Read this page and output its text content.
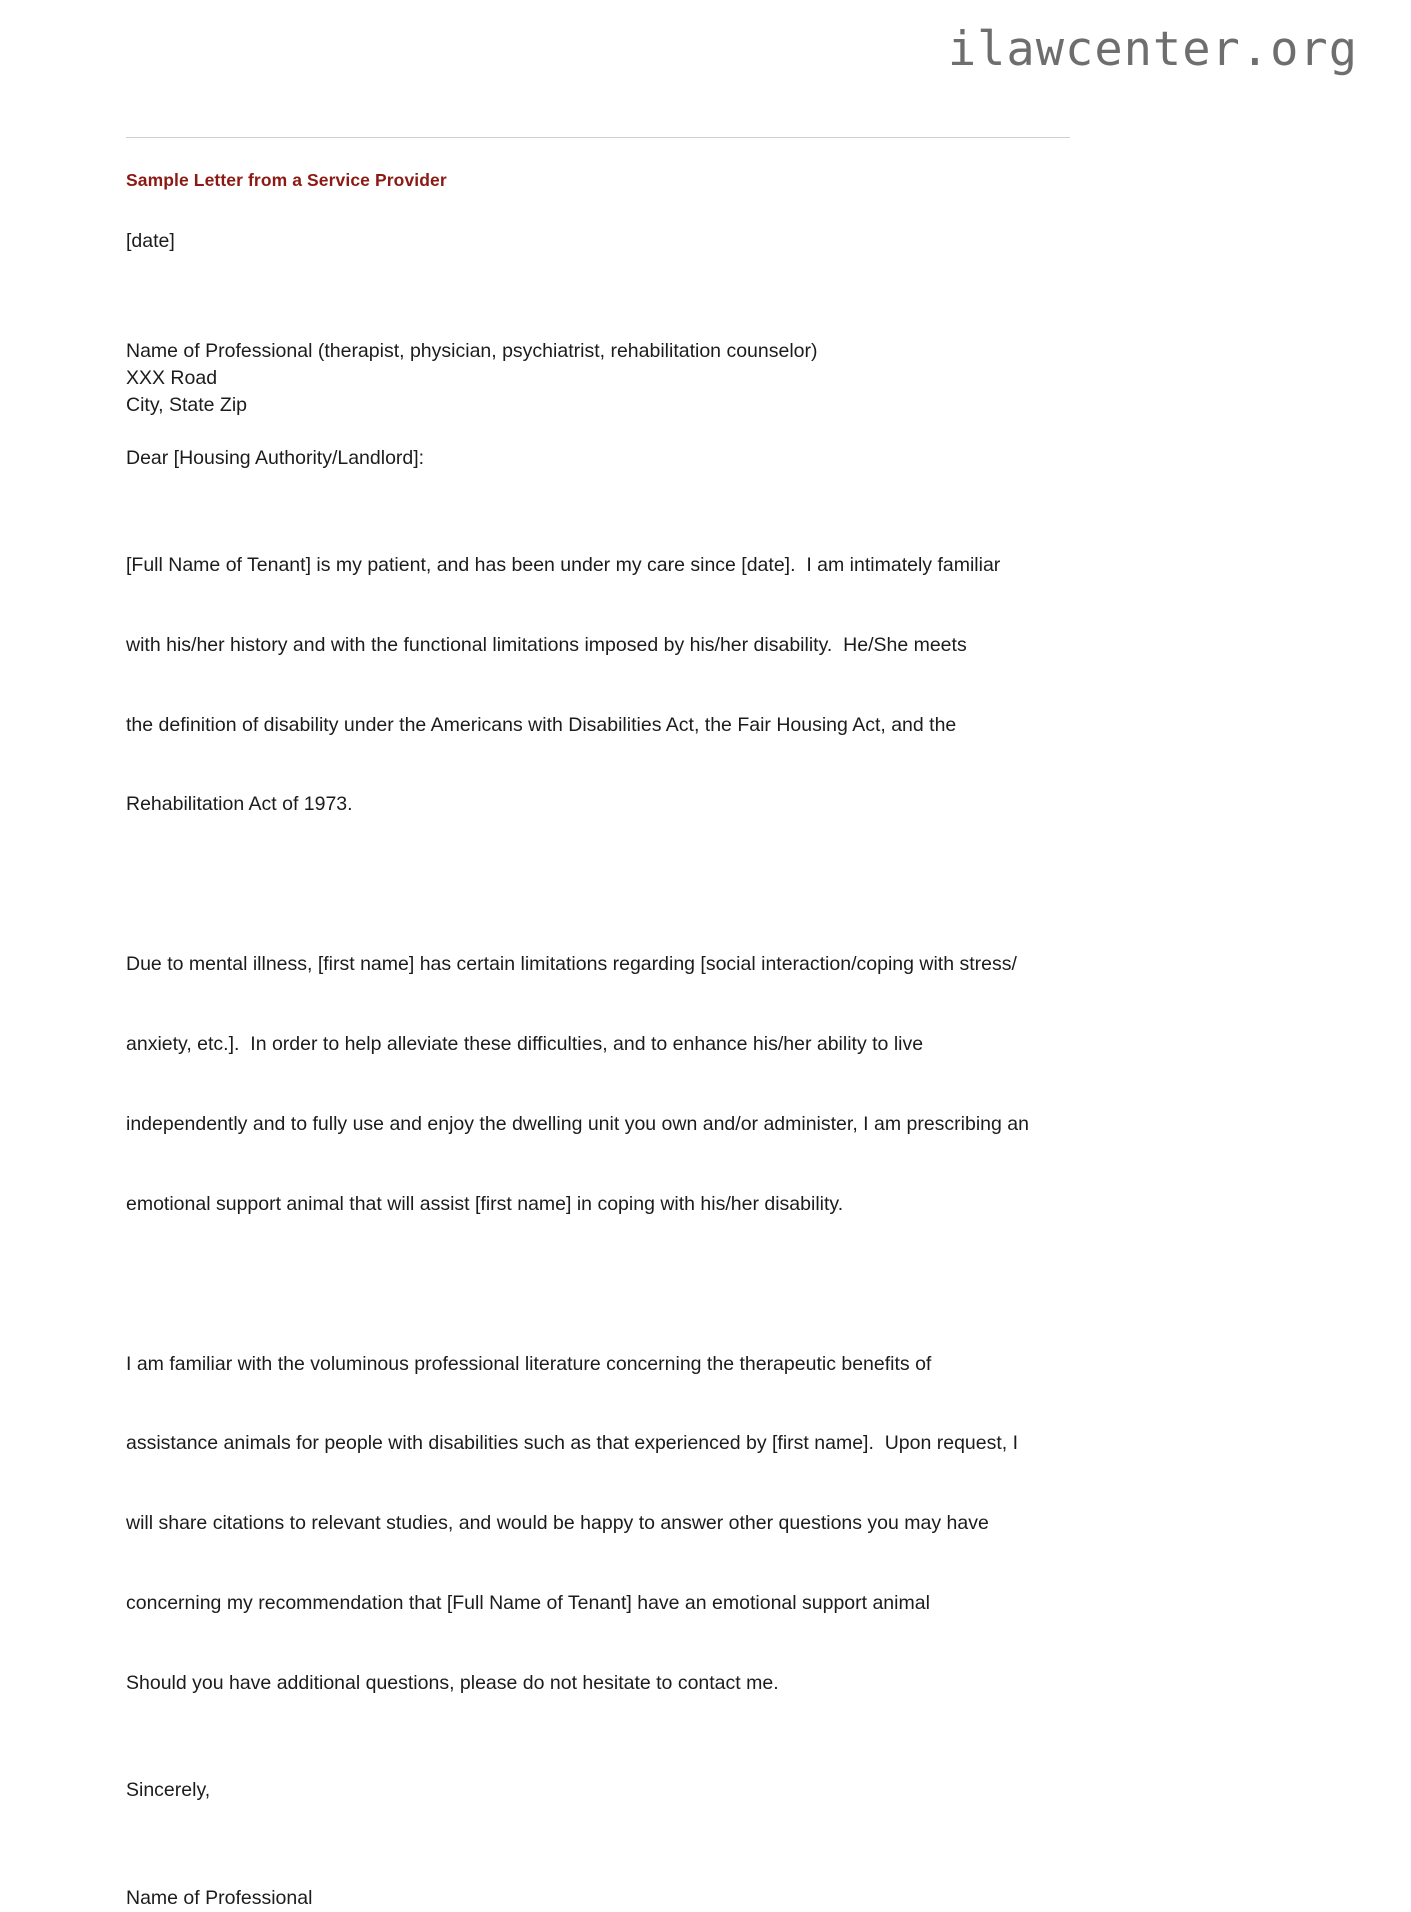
ilawcenter.org
Sample Letter from a Service Provider
[date]
Name of Professional (therapist, physician, psychiatrist, rehabilitation counselor)
XXX Road
City, State Zip
Dear [Housing Authority/Landlord]:

[Full Name of Tenant] is my patient, and has been under my care since [date].  I am intimately familiar

with his/her history and with the functional limitations imposed by his/her disability.  He/She meets

the definition of disability under the Americans with Disabilities Act, the Fair Housing Act, and the

Rehabilitation Act of 1973.

Due to mental illness, [first name] has certain limitations regarding [social interaction/coping with stress/

anxiety, etc.].  In order to help alleviate these difficulties, and to enhance his/her ability to live

independently and to fully use and enjoy the dwelling unit you own and/or administer, I am prescribing an

emotional support animal that will assist [first name] in coping with his/her disability.

I am familiar with the voluminous professional literature concerning the therapeutic benefits of

assistance animals for people with disabilities such as that experienced by [first name].  Upon request, I

will share citations to relevant studies, and would be happy to answer other questions you may have

concerning my recommendation that [Full Name of Tenant] have an emotional support animal

Should you have additional questions, please do not hesitate to contact me.

Sincerely,
Name of Professional
